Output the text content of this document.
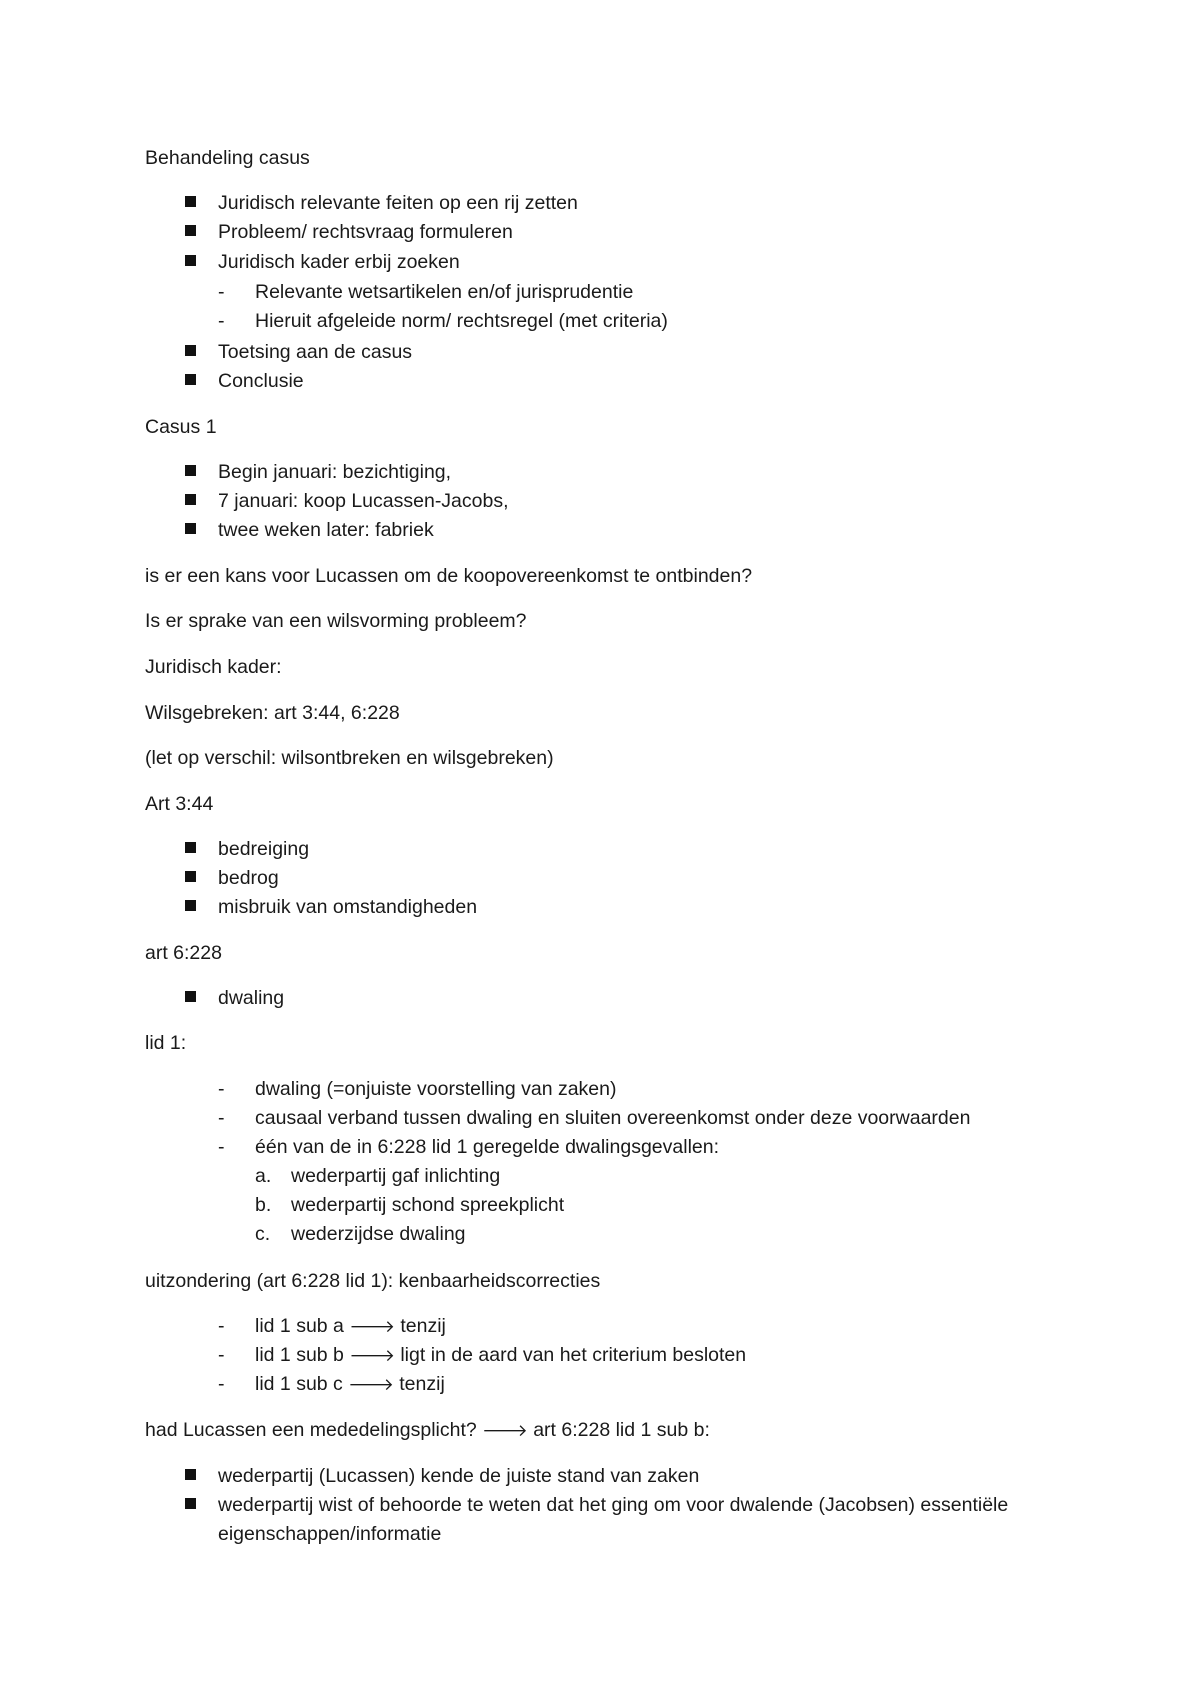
Behandeling casus
Juridisch relevante feiten op een rij zetten
Probleem/ rechtsvraag formuleren
Juridisch kader erbij zoeken
- Relevante wetsartikelen en/of jurisprudentie
- Hieruit afgeleide norm/ rechtsregel (met criteria)
Toetsing aan de casus
Conclusie
Casus 1
Begin januari: bezichtiging,
7 januari: koop Lucassen-Jacobs,
twee weken later: fabriek
is er een kans voor Lucassen om de koopovereenkomst te ontbinden?
Is er sprake van een wilsvorming probleem?
Juridisch kader:
Wilsgebreken: art 3:44, 6:228
(let op verschil: wilsontbreken en wilsgebreken)
Art 3:44
bedreiging
bedrog
misbruik van omstandigheden
art 6:228
dwaling
lid 1:
- dwaling (=onjuiste voorstelling van zaken)
- causaal verband tussen dwaling en sluiten overeenkomst onder deze voorwaarden
- één van de in 6:228 lid 1 geregelde dwalingsgevallen:
a. wederpartij gaf inlichting
b. wederpartij schond spreekplicht
c. wederzijdse dwaling
uitzondering (art 6:228 lid 1): kenbaarheidscorrecties
- lid 1 sub a 🡒 tenzij
- lid 1 sub b 🡒 ligt in de aard van het criterium besloten
- lid 1 sub c 🡒 tenzij
had Lucassen een mededelingsplicht? 🡒 art 6:228 lid 1 sub b:
wederpartij (Lucassen) kende de juiste stand van zaken
wederpartij wist of behoorde te weten dat het ging om voor dwalende (Jacobsen) essentiële
eigenschappen/informatie
